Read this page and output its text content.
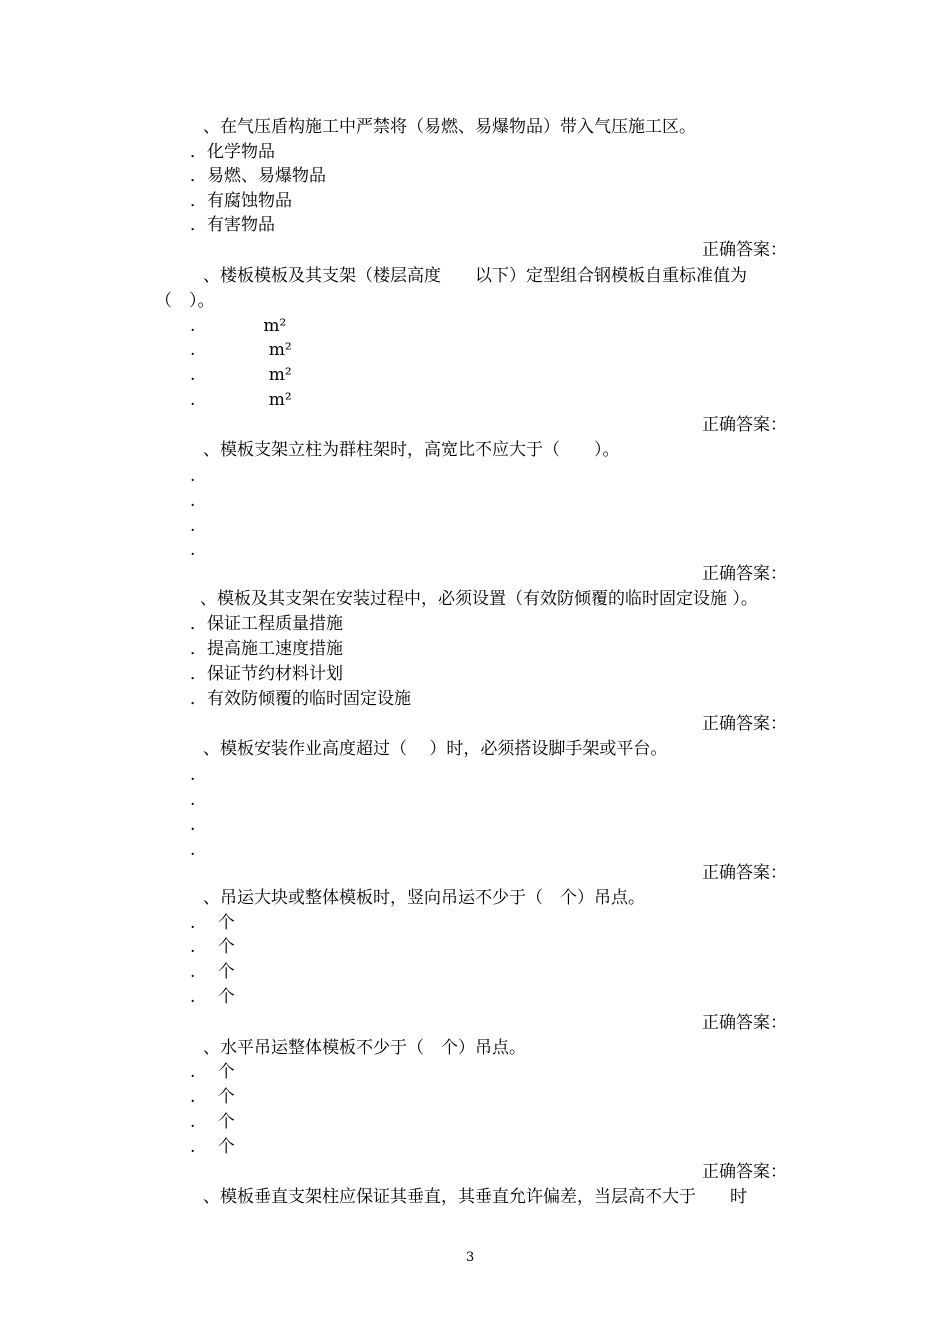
、在气压盾构施工中严禁将（易燃、易爆物品）带入气压施工区。
．化学物品
．易燃、易爆物品
．有腐蚀物品
．有害物品
正确答案：
、楼板模板及其支架（楼层高度　　以下）定型组合钢模板自重标准值为
（　）。
.　　　　m²
.　　　　 m²
.　　　　 m²
.　　　　 m²
正确答案：
、模板支架立柱为群柱架时，高宽比不应大于（　　）。
.
.
.
.
正确答案：
、模板及其支架在安装过程中，必须设置（有效防倾覆的临时固定设施 ）。
．保证工程质量措施
．提高施工速度措施
．保证节约材料计划
．有效防倾覆的临时固定设施
正确答案：
、模板安装作业高度超过（　 ）时，必须搭设脚手架或平台。
.
.
.
.
正确答案：
、吊运大块或整体模板时，竖向吊运不少于（　个）吊点。
.　 个
.　 个
.　 个
.　 个
正确答案：
、水平吊运整体模板不少于（　个）吊点。
.　 个
.　 个
.　 个
.　 个
正确答案：
、模板垂直支架柱应保证其垂直，其垂直允许偏差，当层高不大于　　时
3
